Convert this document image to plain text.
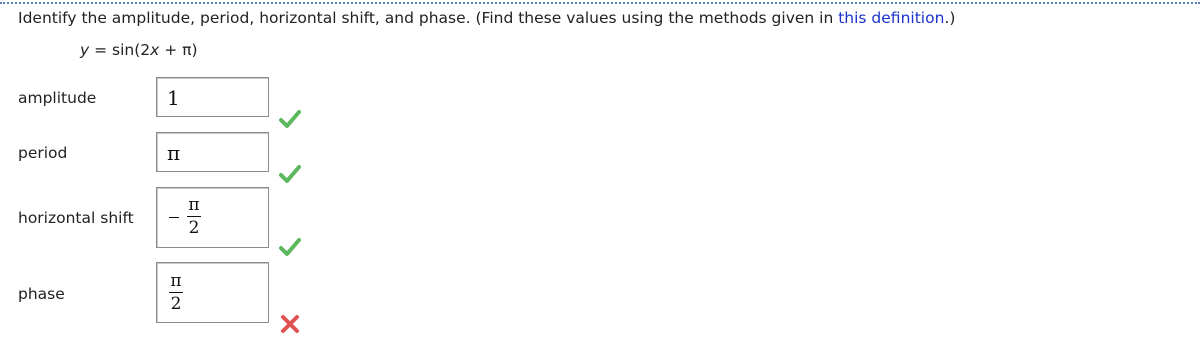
Identify the amplitude, period, horizontal shift, and phase. (Find these values using the methods given in this definition.)
y = sin(2x + π)
amplitude	1
period	π
horizontal shift
π
2
phase
π
2
